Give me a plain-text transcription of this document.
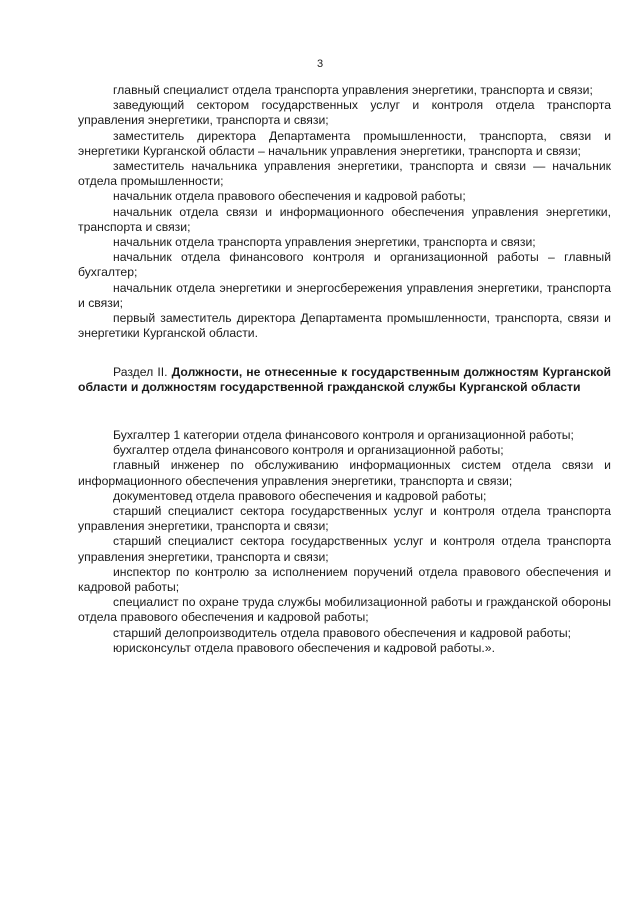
3

главный специалист отдела транспорта управления энергетики, транспорта и связи;

заведующий сектором государственных услуг и контроля отдела транспорта управления энергетики, транспорта и связи;

заместитель директора Департамента промышленности, транспорта, связи и энергетики Курганской области – начальник управления энергетики, транспорта и связи;

заместитель начальника управления энергетики, транспорта и связи — начальник отдела промышленности;

начальник отдела правового обеспечения и кадровой работы;

начальник отдела связи и информационного обеспечения управления энергетики, транспорта и связи;

начальник отдела транспорта управления энергетики, транспорта и связи;

начальник отдела финансового контроля и организационной работы – главный бухгалтер;

начальник отдела энергетики и энергосбережения управления энергетики, транспорта и связи;

первый заместитель директора Департамента промышленности, транспорта, связи и энергетики Курганской области.

Раздел II. Должности, не отнесенные к государственным должностям Курганской области и должностям государственной гражданской службы Курганской области

Бухгалтер 1 категории отдела финансового контроля и организационной работы;

бухгалтер отдела финансового контроля и организационной работы;

главный инженер по обслуживанию информационных систем отдела связи и информационного обеспечения управления энергетики, транспорта и связи;

документовед отдела правового обеспечения и кадровой работы;

старший специалист сектора государственных услуг и контроля отдела транспорта управления энергетики, транспорта и связи;

старший специалист сектора государственных услуг и контроля отдела транспорта управления энергетики, транспорта и связи;

инспектор по контролю за исполнением поручений отдела правового обеспечения и кадровой работы;

специалист по охране труда службы мобилизационной работы и гражданской обороны отдела правового обеспечения и кадровой работы;

старший делопроизводитель отдела правового обеспечения и кадровой работы;

юрисконсульт отдела правового обеспечения и кадровой работы.».
